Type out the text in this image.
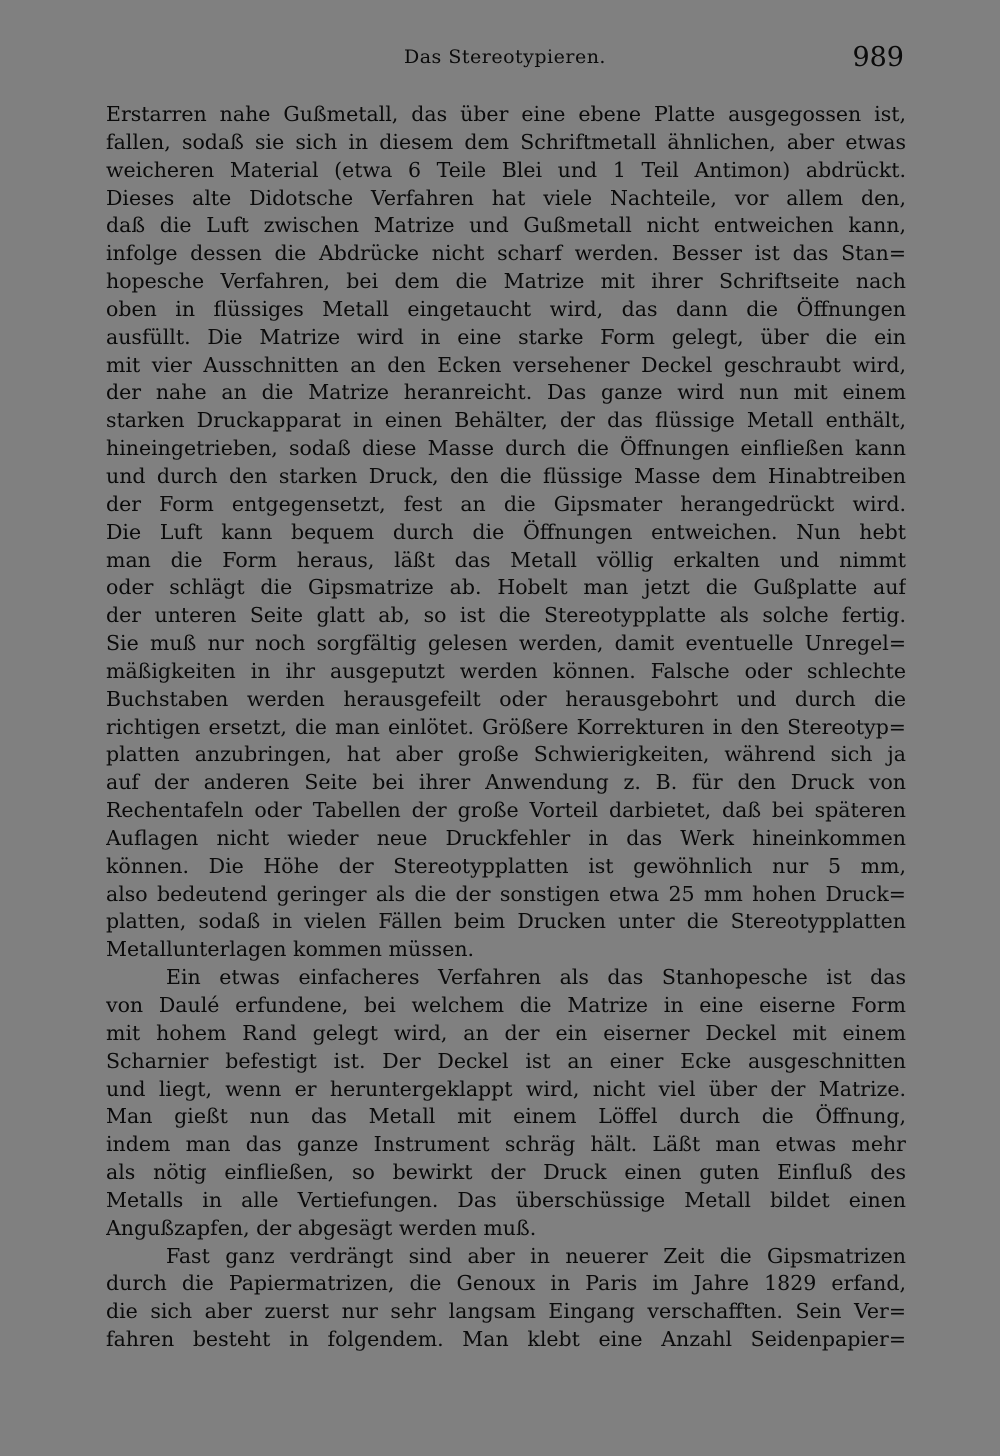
Das Stereotypieren.	989
Erstarren nahe Gußmetall, das über eine ebene Platte ausgegossen ist,
fallen, sodaß sie sich in diesem dem Schriftmetall ähnlichen, aber etwas
weicheren Material (etwa 6 Teile Blei und 1 Teil Antimon) abdrückt.
Dieses alte Didotsche Verfahren hat viele Nachteile, vor allem den,
daß die Luft zwischen Matrize und Gußmetall nicht entweichen kann,
infolge dessen die Abdrücke nicht scharf werden. Besser ist das Stan=
hopesche Verfahren, bei dem die Matrize mit ihrer Schriftseite nach
oben in flüssiges Metall eingetaucht wird, das dann die Öffnungen
ausfüllt. Die Matrize wird in eine starke Form gelegt, über die ein
mit vier Ausschnitten an den Ecken versehener Deckel geschraubt wird,
der nahe an die Matrize heranreicht. Das ganze wird nun mit einem
starken Druckapparat in einen Behälter, der das flüssige Metall enthält,
hineingetrieben, sodaß diese Masse durch die Öffnungen einfließen kann
und durch den starken Druck, den die flüssige Masse dem Hinabtreiben
der Form entgegensetzt, fest an die Gipsmater herangedrückt wird.
Die Luft kann bequem durch die Öffnungen entweichen. Nun hebt
man die Form heraus, läßt das Metall völlig erkalten und nimmt
oder schlägt die Gipsmatrize ab. Hobelt man jetzt die Gußplatte auf
der unteren Seite glatt ab, so ist die Stereotypplatte als solche fertig.
Sie muß nur noch sorgfältig gelesen werden, damit eventuelle Unregel=
mäßigkeiten in ihr ausgeputzt werden können. Falsche oder schlechte
Buchstaben werden herausgefeilt oder herausgebohrt und durch die
richtigen ersetzt, die man einlötet. Größere Korrekturen in den Stereotyp=
platten anzubringen, hat aber große Schwierigkeiten, während sich ja
auf der anderen Seite bei ihrer Anwendung z. B. für den Druck von
Rechentafeln oder Tabellen der große Vorteil darbietet, daß bei späteren
Auflagen nicht wieder neue Druckfehler in das Werk hineinkommen
können. Die Höhe der Stereotypplatten ist gewöhnlich nur 5 mm,
also bedeutend geringer als die der sonstigen etwa 25 mm hohen Druck=
platten, sodaß in vielen Fällen beim Drucken unter die Stereotypplatten
Metallunterlagen kommen müssen.
Ein etwas einfacheres Verfahren als das Stanhopesche ist das
von Daulé erfundene, bei welchem die Matrize in eine eiserne Form
mit hohem Rand gelegt wird, an der ein eiserner Deckel mit einem
Scharnier befestigt ist. Der Deckel ist an einer Ecke ausgeschnitten
und liegt, wenn er heruntergeklappt wird, nicht viel über der Matrize.
Man gießt nun das Metall mit einem Löffel durch die Öffnung,
indem man das ganze Instrument schräg hält. Läßt man etwas mehr
als nötig einfließen, so bewirkt der Druck einen guten Einfluß des
Metalls in alle Vertiefungen. Das überschüssige Metall bildet einen
Angußzapfen, der abgesägt werden muß.
Fast ganz verdrängt sind aber in neuerer Zeit die Gipsmatrizen
durch die Papiermatrizen, die Genoux in Paris im Jahre 1829 erfand,
die sich aber zuerst nur sehr langsam Eingang verschafften. Sein Ver=
fahren besteht in folgendem. Man klebt eine Anzahl Seidenpapier=
